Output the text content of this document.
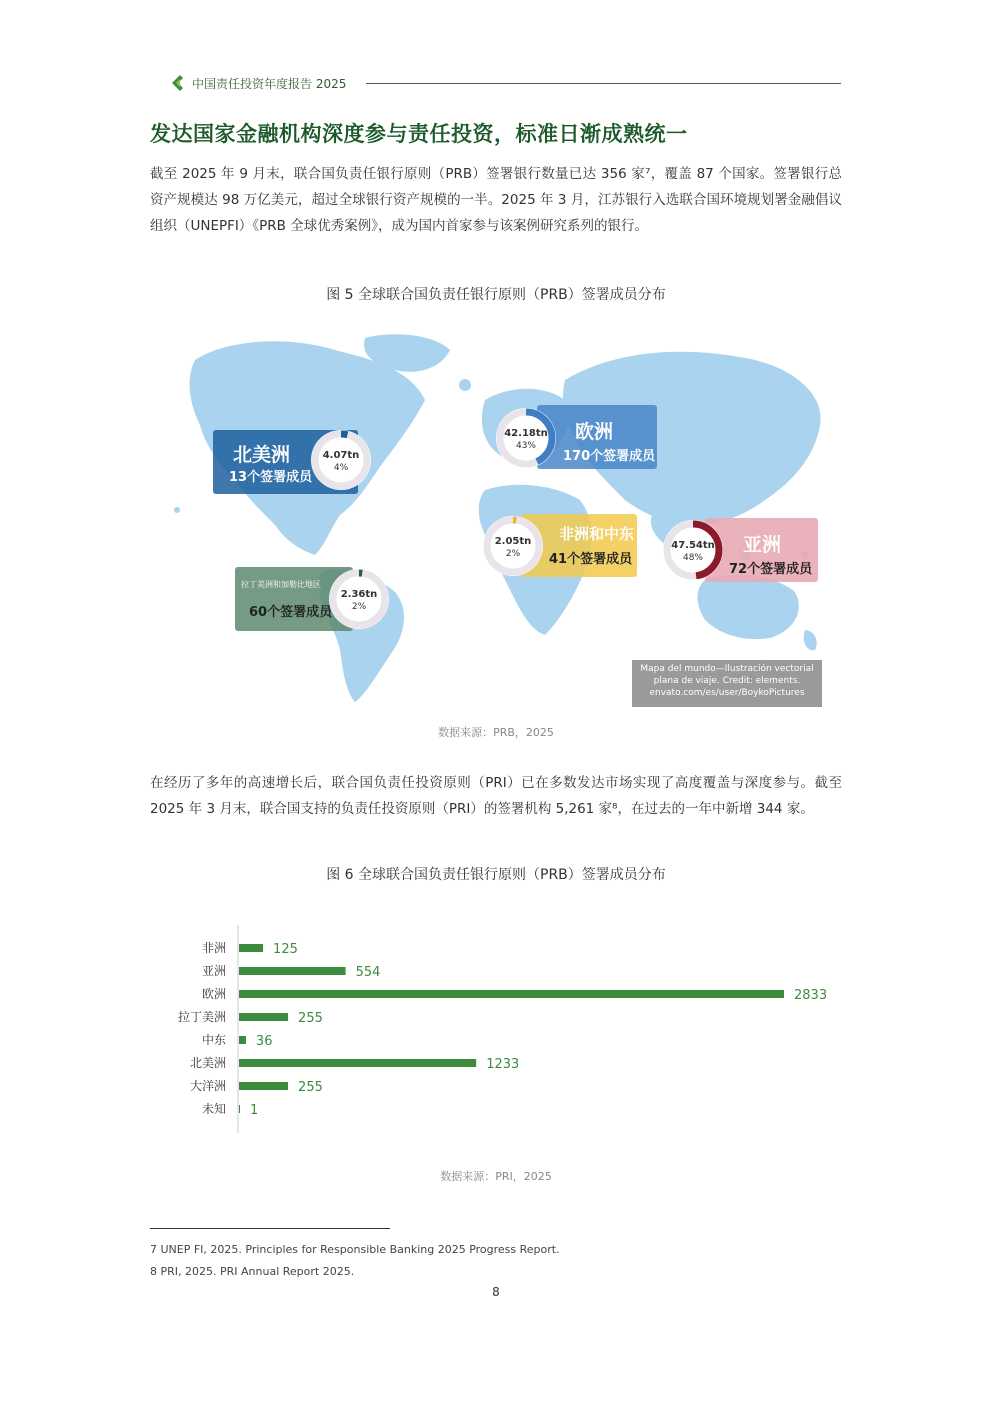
中国责任投资年度报告 2025
发达国家金融机构深度参与责任投资，标准日渐成熟统一

截至 2025 年 9 月末，联合国负责任银行原则（PRB）签署银行数量已达 356 家⁷，覆盖 87 个国家。签署银行总资产规模达 98 万亿美元，超过全球银行资产规模的一半。2025 年 3 月，江苏银行入选联合国环境规划署金融倡议组织（UNEPFI）《PRB 全球优秀案例》，成为国内首家参与该案例研究系列的银行。

图 5 全球联合国负责任银行原则（PRB）签署成员分布
北美洲
13个签署成员
4.07tn
4%
欧洲
170个签署成员
42.18tn
43%
非洲和中东
41个签署成员
2.05tn
2%	亚洲
72个签署成员
47.54tn
48%
拉丁美洲和加勒比地区
60个签署成员
2.36tn
2%
Mapa del mundo—Ilustración vectorial plana de viaje. Credit: elements. envato.com/es/user/BoykoPictures
数据来源：PRB，2025

在经历了多年的高速增长后，联合国负责任投资原则（PRI）已在多数发达市场实现了高度覆盖与深度参与。截至 2025 年 3 月末，联合国支持的负责任投资原则（PRI）的签署机构 5,261 家⁸，在过去的一年中新增 344 家。

图 6 全球联合国负责任银行原则（PRB）签署成员分布
非洲	125
亚洲	554
欧洲	2833
拉丁美洲	255
中东 36
北美洲	1233
大洋洲	255
未知 1
数据来源：PRI，2025
7 UNEP FI, 2025. Principles for Responsible Banking 2025 Progress Report.
8 PRI, 2025. PRI Annual Report 2025.
8
